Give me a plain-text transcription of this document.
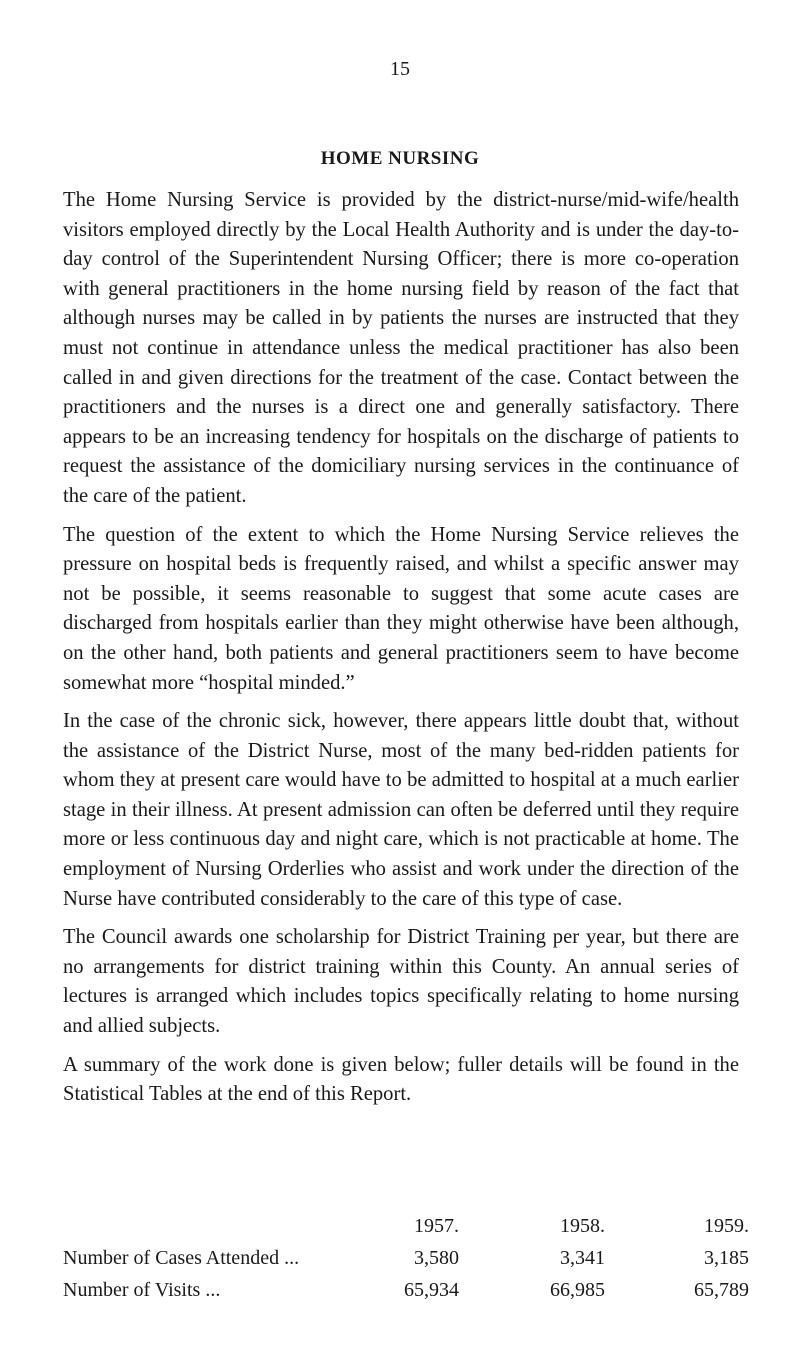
15
HOME NURSING

The Home Nursing Service is provided by the district-nurse/mid-wife/health visitors employed directly by the Local Health Authority and is under the day-to-day control of the Superintendent Nursing Officer; there is more co-operation with general practitioners in the home nursing field by reason of the fact that although nurses may be called in by patients the nurses are instructed that they must not continue in attendance unless the medical practitioner has also been called in and given directions for the treatment of the case. Contact between the practitioners and the nurses is a direct one and generally satisfactory. There appears to be an increasing tendency for hospitals on the discharge of patients to request the assistance of the domiciliary nursing services in the continuance of the care of the patient.

The question of the extent to which the Home Nursing Service relieves the pressure on hospital beds is frequently raised, and whilst a specific answer may not be possible, it seems reasonable to suggest that some acute cases are discharged from hospitals earlier than they might otherwise have been although, on the other hand, both patients and general practitioners seem to have become somewhat more “hospital minded.”

In the case of the chronic sick, however, there appears little doubt that, without the assistance of the District Nurse, most of the many bed-ridden patients for whom they at present care would have to be admitted to hospital at a much earlier stage in their illness. At present admission can often be deferred until they require more or less continuous day and night care, which is not practicable at home. The employment of Nursing Orderlies who assist and work under the direction of the Nurse have contributed considerably to the care of this type of case.

The Council awards one scholarship for District Training per year, but there are no arrangements for district training within this County. An annual series of lectures is arranged which includes topics specifically relating to home nursing and allied subjects.

A summary of the work done is given below; fuller details will be found in the Statistical Tables at the end of this Report.

	1957.	1958.	1959.
Number of Cases Attended ...	3,580	3,341	3,185
Number of Visits ...	65,934	66,985	65,789
